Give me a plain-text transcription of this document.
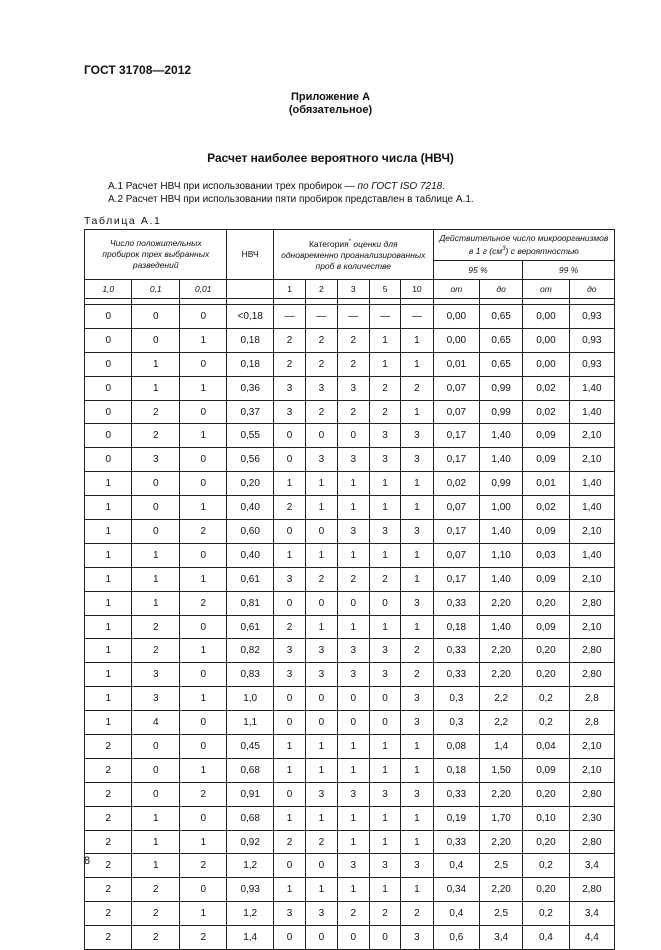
ГОСТ 31708—2012
Приложение А
(обязательное)
Расчет наиболее вероятного числа (НВЧ)
А.1 Расчет НВЧ при использовании трех пробирок — по ГОСТ ISO 7218.
А.2 Расчет НВЧ при использовании пяти пробирок представлен в таблице А.1.
Таблица А.1
Число положительных пробирок трех выбранных разведений			НВЧ	Категория* оценки для одновременно проанализированных проб в количестве					Действительное число микроорганизмов в 1 г $(см^3)$ с вероятностью			
									95 %		99 %	
1,0	0,1	0,01		1	2	3	5	10	от	до	от	до

0	0	0	<0,18	—	—	—	—	—	0,00	0,65	0,00	0,93
0	0	1	0,18	2	2	2	1	1	0,00	0,65	0,00	0,93
0	1	0	0,18	2	2	2	1	1	0,01	0,65	0,00	0,93
0	1	1	0,36	3	3	3	2	2	0,07	0,99	0,02	1,40
0	2	0	0,37	3	2	2	2	1	0,07	0,99	0,02	1,40
0	2	1	0,55	0	0	0	3	3	0,17	1,40	0,09	2,10
0	3	0	0,56	0	3	3	3	3	0,17	1,40	0,09	2,10
1	0	0	0,20	1	1	1	1	1	0,02	0,99	0,01	1,40
1	0	1	0,40	2	1	1	1	1	0,07	1,00	0,02	1,40
1	0	2	0,60	0	0	3	3	3	0,17	1,40	0,09	2,10
1	1	0	0,40	1	1	1	1	1	0,07	1,10	0,03	1,40
1	1	1	0,61	3	2	2	2	1	0,17	1,40	0,09	2,10
1	1	2	0,81	0	0	0	0	3	0,33	2,20	0,20	2,80
1	2	0	0,61	2	1	1	1	1	0,18	1,40	0,09	2,10
1	2	1	0,82	3	3	3	3	2	0,33	2,20	0,20	2,80
1	3	0	0,83	3	3	3	3	2	0,33	2,20	0,20	2,80
1	3	1	1,0	0	0	0	0	3	0,3	2,2	0,2	2,8
1	4	0	1,1	0	0	0	0	3	0,3	2,2	0,2	2,8
2	0	0	0,45	1	1	1	1	1	0,08	1,4	0,04	2,10
2	0	1	0,68	1	1	1	1	1	0,18	1,50	0,09	2,10
2	0	2	0,91	0	3	3	3	3	0,33	2,20	0,20	2,80
2	1	0	0,68	1	1	1	1	1	0,19	1,70	0,10	2,30
2	1	1	0,92	2	2	1	1	1	0,33	2,20	0,20	2,80
2	1	2	1,2	0	0	3	3	3	0,4	2,5	0,2	3,4
2	2	0	0,93	1	1	1	1	1	0,34	2,20	0,20	2,80
2	2	1	1,2	3	3	2	2	2	0,4	2,5	0,2	3,4
2	2	2	1,4	0	0	0	0	3	0,6	3,4	0,4	4,4
8
